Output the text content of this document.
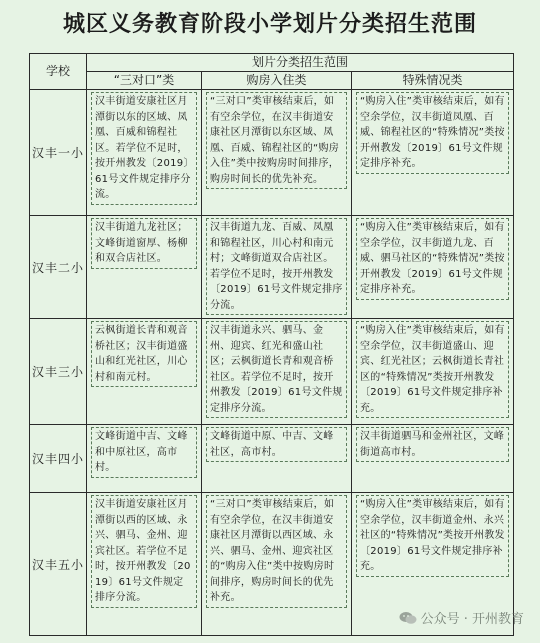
城区义务教育阶段小学划片分类招生范围
学校	划片分类招生范围		
	“三对口”类	购房入住类	特殊情况类
汉丰一小	汉丰街道安康社区月潭街以东的区域、凤凰、百威和锦程社区。若学位不足时，按开州教发〔2019〕61号文件规定排序分流。	“三对口”类审核结束后，如有空余学位，在汉丰街道安康社区月潭街以东区域、凤凰、百威、锦程社区的“购房入住”类中按购房时间排序，购房时间长的优先补充。	“购房入住”类审核结束后，如有空余学位，汉丰街道凤凰、百威、锦程社区的“特殊情况”类按开州教发〔2019〕61号文件规定排序补充。

汉丰二小	汉丰街道九龙社区；文峰街道窗厚、杨柳和双合店社区。	汉丰街道九龙、百威、凤凰和锦程社区，川心村和南元村；文峰街道双合店社区。若学位不足时，按开州教发〔2019〕61号文件规定排序分流。	“购房入住”类审核结束后，如有空余学位，汉丰街道九龙、百威、驷马社区的“特殊情况”类按开州教发〔2019〕61号文件规定排序补充。

汉丰三小	云枫街道长青和观音桥社区；汉丰街道盛山和红光社区，川心村和南元村。	汉丰街道永兴、驷马、金州、迎宾、红光和盛山社区；云枫街道长青和观音桥社区。若学位不足时，按开州教发〔2019〕61号文件规定排序分流。	“购房入住”类审核结束后，如有空余学位，汉丰街道盛山、迎宾、红光社区；云枫街道长青社区的“特殊情况”类按开州教发〔2019〕61号文件规定排序补充。

汉丰四小	文峰街道中吉、文峰和中原社区，高市村。	文峰街道中原、中吉、文峰社区，高市村。	汉丰街道驷马和金州社区，文峰街道高市村。

汉丰五小	汉丰街道安康社区月潭街以西的区域、永兴、驷马、金州、迎宾社区。若学位不足时，按开州教发〔2019〕61号文件规定排序分流。	“三对口”类审核结束后，如有空余学位，在汉丰街道安康社区月潭街以西区域、永兴、驷马、金州、迎宾社区的“购房入住”类中按购房时间排序，购房时间长的优先补充。	“购房入住”类审核结束后，如有空余学位，汉丰街道金州、永兴社区的“特殊情况”类按开州教发〔2019〕61号文件规定排序补充。
公众号 · 开州教育
